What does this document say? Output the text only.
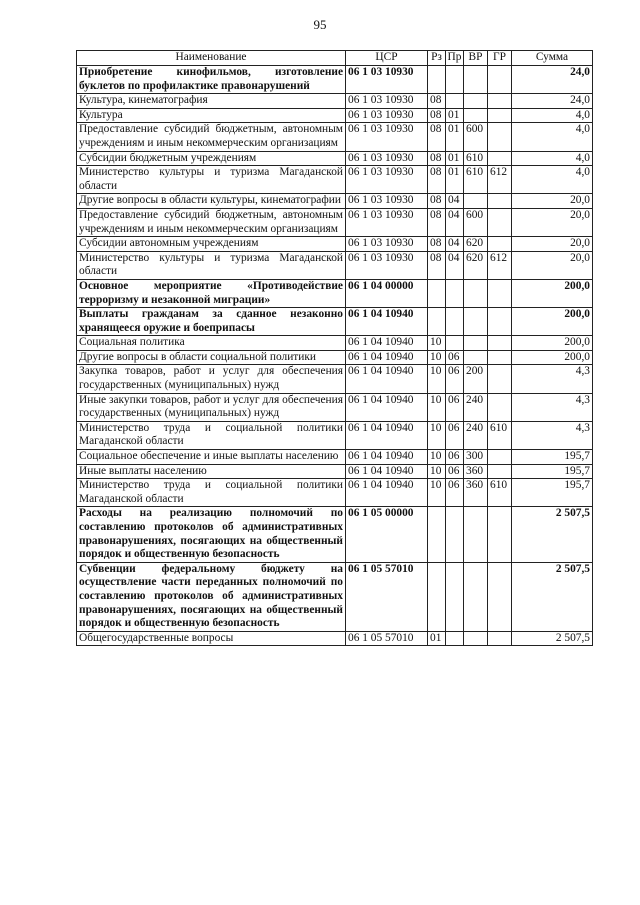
95
Наименование	ЦСР	Рз	Пр	ВР	ГР	Сумма
Приобретение кинофильмов, изготовление буклетов по профилактике правонарушений	06 1 03 10930					24,0
Культура, кинематография	06 1 03 10930	08				24,0
Культура	06 1 03 10930	08	01			4,0
Предоставление субсидий бюджетным, автономным учреждениям и иным некоммерческим организациям	06 1 03 10930	08	01	600		4,0
Субсидии бюджетным учреждениям	06 1 03 10930	08	01	610		4,0
Министерство культуры и туризма Магаданской области	06 1 03 10930	08	01	610	612	4,0
Другие вопросы в области культуры, кинематографии	06 1 03 10930	08	04			20,0
Предоставление субсидий бюджетным, автономным учреждениям и иным некоммерческим организациям	06 1 03 10930	08	04	600		20,0
Субсидии автономным учреждениям	06 1 03 10930	08	04	620		20,0
Министерство культуры и туризма Магаданской области	06 1 03 10930	08	04	620	612	20,0
Основное мероприятие «Противодействие терроризму и незаконной миграции»	06 1 04 00000					200,0
Выплаты гражданам за сданное незаконно хранящееся оружие и боеприпасы	06 1 04 10940					200,0
Социальная политика	06 1 04 10940	10				200,0
Другие вопросы в области социальной политики	06 1 04 10940	10	06			200,0
Закупка товаров, работ и услуг для обеспечения государственных (муниципальных) нужд	06 1 04 10940	10	06	200		4,3
Иные закупки товаров, работ и услуг для обеспечения государственных (муниципальных) нужд	06 1 04 10940	10	06	240		4,3
Министерство труда и социальной политики Магаданской области	06 1 04 10940	10	06	240	610	4,3
Социальное обеспечение и иные выплаты населению	06 1 04 10940	10	06	300		195,7
Иные выплаты населению	06 1 04 10940	10	06	360		195,7
Министерство труда и социальной политики Магаданской области	06 1 04 10940	10	06	360	610	195,7
Расходы на реализацию полномочий по составлению протоколов об административных правонарушениях, посягающих на общественный порядок и общественную безопасность	06 1 05 00000					2 507,5
Субвенции федеральному бюджету на осуществление части переданных полномочий по составлению протоколов об административных правонарушениях, посягающих на общественный порядок и общественную безопасность	06 1 05 57010					2 507,5
Общегосударственные вопросы	06 1 05 57010	01				2 507,5
